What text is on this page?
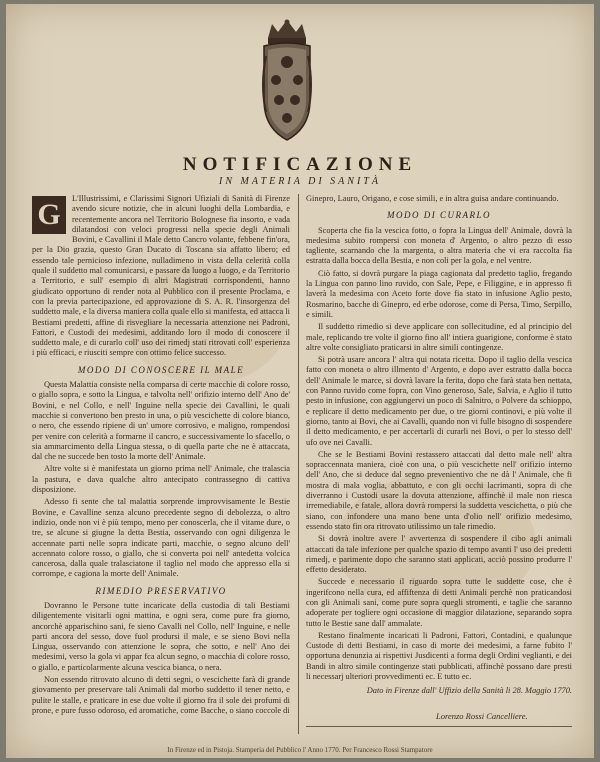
NOTIFICAZIONE
IN MATERIA DI SANITÀ

G	L'Illustrissimi, e Clarissimi Signori Ufiziali di Sanità di Firenze avendo sicure notizie, che in alcuni luoghi della Lombardia, e recentemente ancora nel Territorio Bolognese fia insorto, e vada dilatandosi con veloci progressi nella specie degli Animali Bovini, e Cavallini il Male detto Cancro volante, febbene fin'ora, per la Dio grazia, questo Gran Ducato di Toscana sia affatto libero; ed essendo tale pernicioso infezione, nulladimeno in vista della celerità colla quale il suddetto mal comunicarsi, e passare da luogo a luogo, e da Territorio a Territorio, e sull' esempio di altri Magistrati corrispondenti, hanno giudicato opportuno di render nota al Pubblico con il presente Proclama, e con la previa partecipazione, ed approvazione di S. A. R. l'insorgenza del suddetto male, e la diversa maniera colla quale ello si manifesta, ed attacca li Bestiami predetti, affine di risvegliare la necessaria attenzione nei Padroni, Fattori, e Custodi dei medesimi, additando loro il modo di conoscere il suddetto male, e di curarlo coll' uso dei rimedj stati ritrovati coll' esperienza i più efficaci, e riusciti sempre con ottimo felice successo.

MODO DI CONOSCERE IL MALE

Questa Malattia consiste nella comparsa di certe macchie di colore rosso, o giallo sopra, e sotto la Lingua, e talvolta nell' orifizio interno dell' Ano de' Bovini, e nel Collo, e nell' Inguine nella specie dei Cavallini, le quali macchie si convertono ben presto in una, o più vescichette di colore bianco, o nero, che essendo ripiene di un' umore corrosivo, e maligno, rompendosi per venire con celerità a formarne il cancro, e successivamente lo sfacello, o sia ammarcimento della Lingua stessa, o di quella parte che ne è attaccata, dal che ne succede ben tosto la morte dell' Animale.

Altre volte si è manifestata un giorno prima nell' Animale, che tralascia la pastura, e dava qualche altro antecipato contrassegno di cattiva disposizione.

Adesso fi sente che tal malattia sorprende improvvisamente le Bestie Bovine, e Cavalline senza alcuno precedente segno di debolezza, o altro indizio, onde non vi è più tempo, meno per conoscerla, che il vitame dure, o tre, se alcune si giugne la detta Bestia, osservando con ogni diligenza le accennate parti nelle sopra indicate parti, macchie, o segno alcuno dell' accennato colore rosso, o giallo, che si converta poi nell' antedetta volcica cancerosa, dalla quale tralasciatone il taglio nel modo che appresso ella si corrompe, e cagiona la morte dell' Animale.

RIMEDIO PRESERVATIVO

Dovranno le Persone tutte incaricate della custodia di tali Bestiami diligentemente visitarli ogni mattina, e ogni sera, come pure fra giorno, ancorchè apparischino sani, fe sieno Cavalli nel Collo, nell' Inguine, e nelle parti ancora del sesso, dove fuol prodursi il male, e se sieno Bovi nella Lingua, osservando con attenzione le sopra, che sotto, e nell' Ano dei medesimi, verso la gola vi appar fca alcun segno, o macchia di colore rosso, o giallo, e particolarmente alcuna vescica bianca, o nera.

Non essendo ritrovato alcuno di detti segni, o vescichette farà di grande giovamento per preservare tali Animali dal morbo suddetto il tener netto, e pulite le stalle, e praticare in ese due volte il giorno fra il sole dei profumi di prone, e pure fusso odoroso, ed aromatiche, come Bacche, o siano coccole di

Ginepro, Lauro, Origano, e cose simili, e in altra guisa andare continuando.

MODO DI CURARLO

Scoperta che fia la vescica fotto, o fopra la Lingua dell' Animale, dovrà la medesima subito rompersi con moneta d' Argento, o altro pezzo di esso tagliente, scarnando che la margenta, o altra materia che vi era raccolta fia estratta dalla bocca della Bestia, e non coli per la gola, e nel ventre.

Ciò fatto, si dovrà purgare la piaga cagionata dal predetto taglio, fregando la Lingua con panno lino ruvido, con Sale, Pepe, e Filiggine, e in appresso fi laverà la medesima con Aceto forte dove fia stato in infusione Aglio pesto, Rosmarino, bacche di Ginepro, ed erbe odorose, come di Persa, Timo, Serpillo, e simili.

Il suddetto rimedio si deve applicare con sollecitudine, ed al principio del male, replicando tre volte il giorno fino all' intiera guarigione, conforme è stato altre volte consigliato praticarsi in altre simili contingenze.

Si potrà usare ancora l' altra qui notata ricetta. Dopo il taglio della vescica fatto con moneta o altro illmento d' Argento, e dopo aver estratto dalla bocca dell' Animale le marce, si dovrà lavare la ferita, dopo che farà stata ben nettata, con Panno ruvido come fopra, con Vino generoso, Sale, Salvia, e Aglio il tutto pesto in infusione, con aggiungervi un poco di Salnitro, o Polvere da schioppo, e replicare il detto medicamento per due, o tre giorni continovi, e più volte il giorno, tanto ai Bovi, che ai Cavalli, quando non vi fulle bisogno di sospendere il detto medicamento, e per accertarli di curarli nei Bovi, o per lo stesso dell' ufo ove nei Cavalli.

Che se le Bestiami Bovini restassero attaccati dal detto male nell' altra sopraccennata maniera, cioè con una, o più vescichette nell' orifizio interno dell' Ano, che si deduce dal segno prevenientivo che ne dà l' Animale, che fi mostra di mala voglia, abbattuto, e con gli occhi lacrimanti, sopra di che diverranno i Custodi usare la dovuta attenzione, affinchè il male non riesca irremediabile, e fatale, allora dovrà rompersi la suddetta vescichetta, o più che siano, con infondere una mano bene unta d'olio nell' orifizio medesimo, essendo stato fin ora ritrovato utilissimo un tale rimedio.

Si dovrà inoltre avere l' avvertenza di sospendere il cibo agli animali attaccati da tale infezione per qualche spazio di tempo avanti l' uso dei predetti rimedj, e parimente dopo che saranno stati applicati, acciò possino produrre l' effetto desiderato.

Succede e necessario il riguardo sopra tutte le suddette cose, che è ingerifcono nella cura, ed affiftenza di detti Animali perchè non praticandosi con gli Animali sani, come pure sopra quegli stromenti, e taglie che saranno adoperate per togliere ogni occasione di maggior dilatazione, separando sopra tutto le Bestie sane dall' ammalate.

Restano finalmente incaricati li Padroni, Fattori, Contadini, e qualunque Custode di detti Bestiami, in caso di morte dei medesimi, a farne fubito l' opportuna denunzia ai rispettivi Jusdicenti a forma degli Ordini veglianti, e dei Bandi in altro simile contingenze stati pubblicati, affinchè possano dare presti li necessarj ulteriori provvedimenti ec. E tutto ec.

Dato in Firenze dall' Uffizio della Sanità li 28. Maggio 1770.
Lorenzo Rossi Cancelliere.
In Firenze ed in Pistoja. Stamperia del Pubblico l' Anno 1770. Per Francesco Rossi Stampatore
